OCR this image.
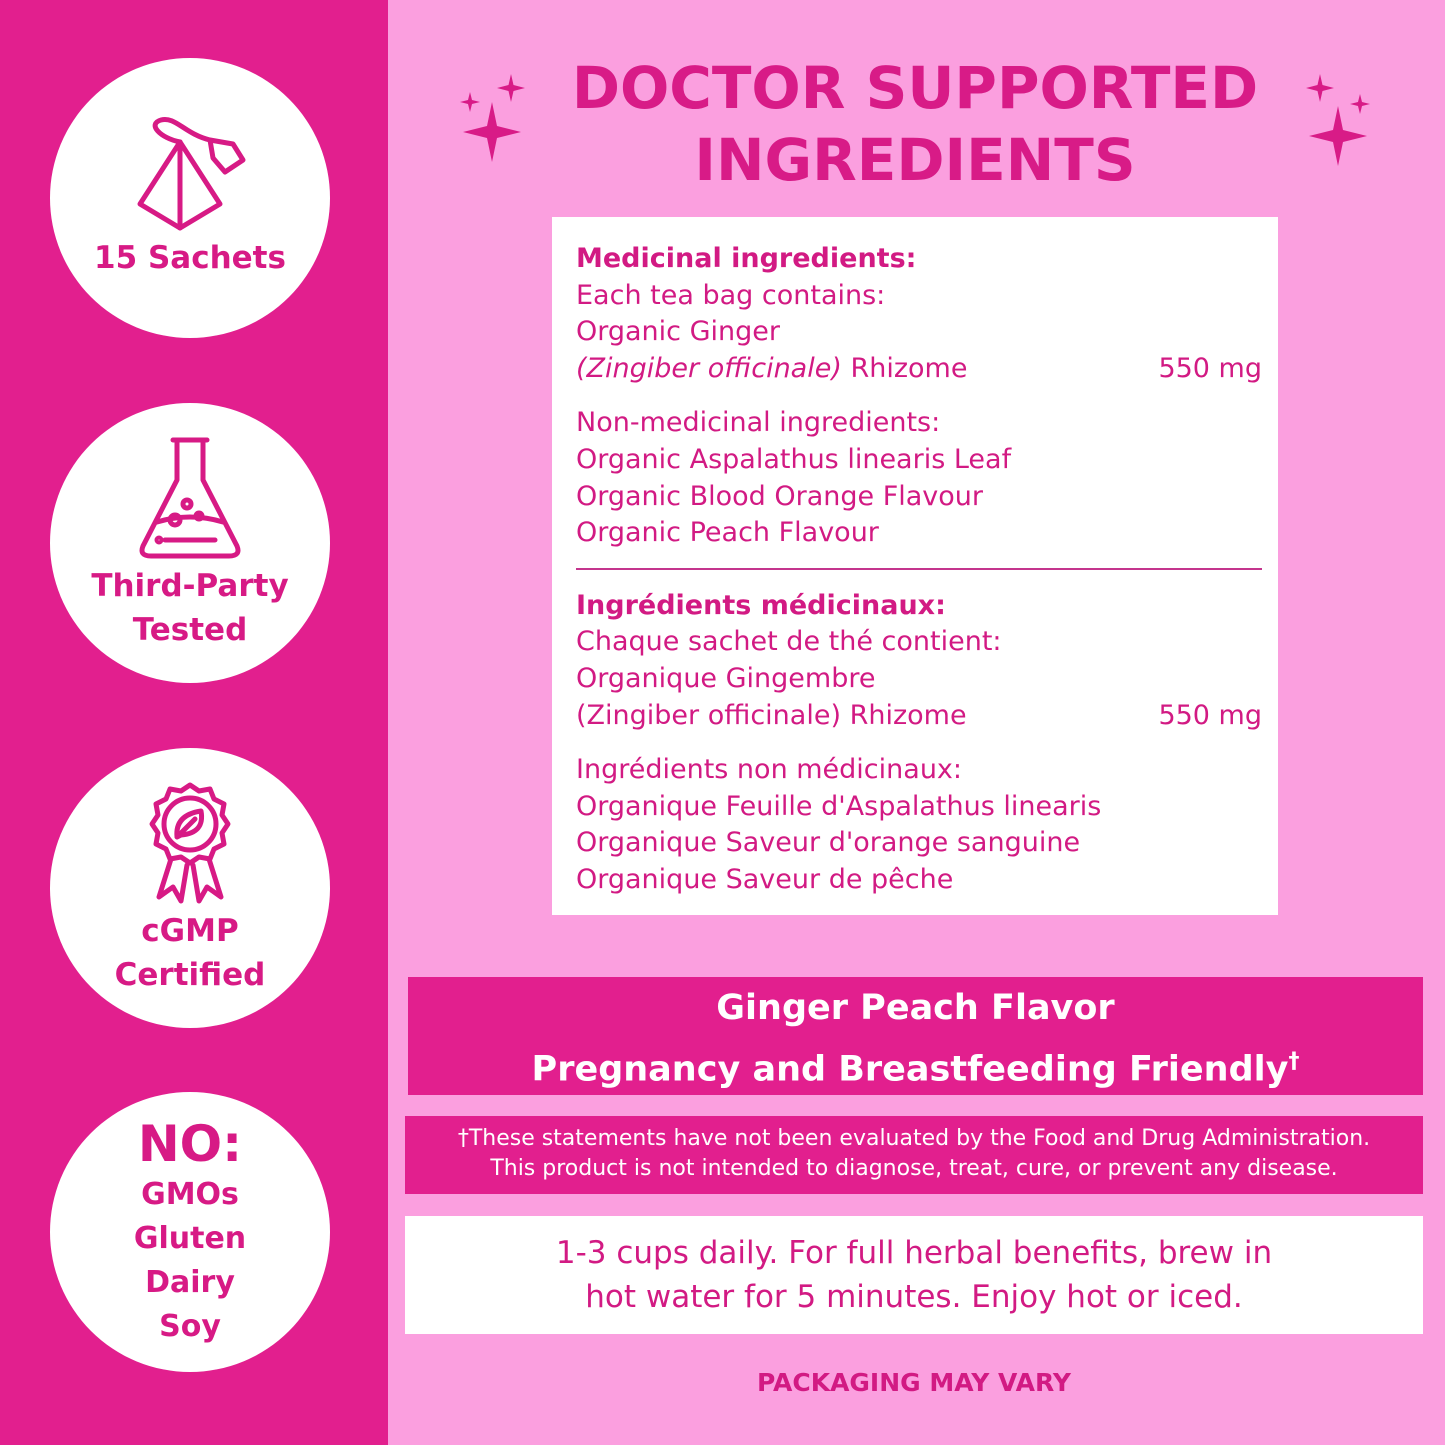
15 Sachets
Third-Party
Tested
cGMP
Certified
NO:
GMOs
Gluten
Dairy
Soy
DOCTOR SUPPORTED
INGREDIENTS
Medicinal ingredients:
Each tea bag contains:
Organic Ginger
(Zingiber officinale) Rhizome	550 mg
Non-medicinal ingredients:
Organic Aspalathus linearis Leaf
Organic Blood Orange Flavour
Organic Peach Flavour
Ingrédients médicinaux:
Chaque sachet de thé contient:
Organique Gingembre
(Zingiber officinale) Rhizome	550 mg
Ingrédients non médicinaux:
Organique Feuille d'Aspalathus linearis
Organique Saveur d'orange sanguine
Organique Saveur de pêche
Ginger Peach Flavor
Pregnancy and Breastfeeding Friendly†
†These statements have not been evaluated by the Food and Drug Administration.
This product is not intended to diagnose, treat, cure, or prevent any disease.
1-3 cups daily. For full herbal benefits, brew in
hot water for 5 minutes. Enjoy hot or iced.
PACKAGING MAY VARY
